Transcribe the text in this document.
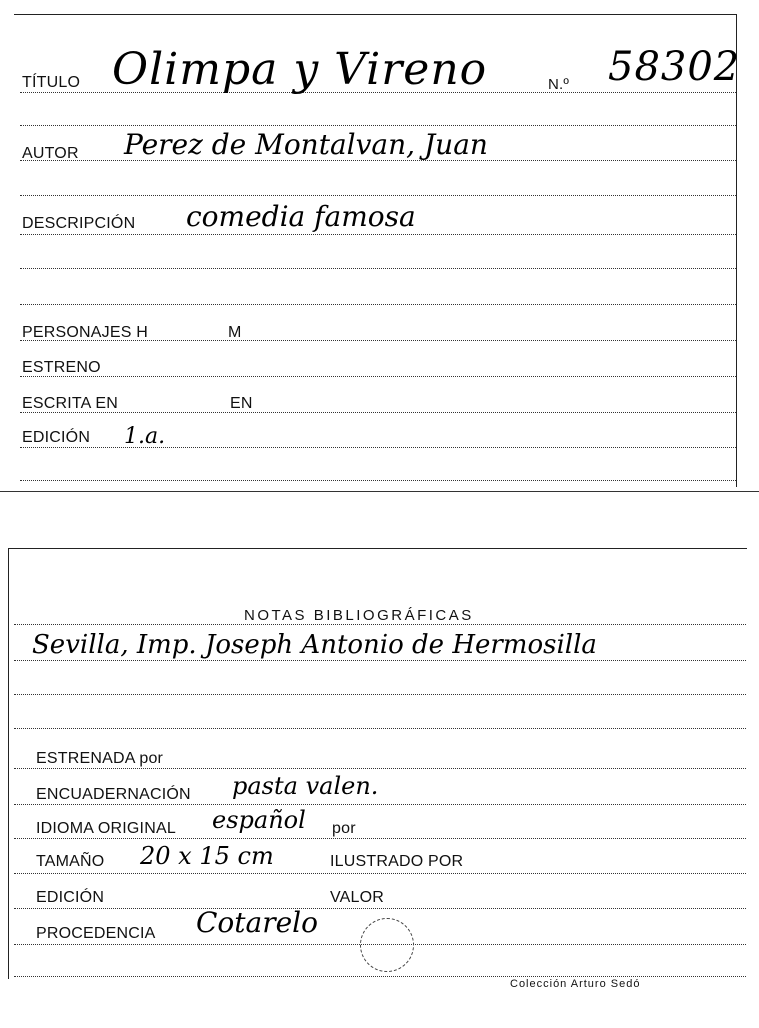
TÍTULO Olimpa y Vireno	N.º 58302
AUTOR Perez de Montalvan, Juan
DESCRIPCIÓN comedia famosa
PERSONAJES H	M
ESTRENO
ESCRITA EN	EN
EDICIÓN 1.a.
NOTAS BIBLIOGRÁFICAS
Sevilla, Imp. Joseph Antonio de Hermosilla
ESTRENADA por
ENCUADERNACIÓN pasta valen.
IDIOMA ORIGINAL español por
TAMAÑO 20 x 15 cm	ILUSTRADO POR
EDICIÓN	VALOR
PROCEDENCIA Cotarelo
Colección Arturo Sedó
